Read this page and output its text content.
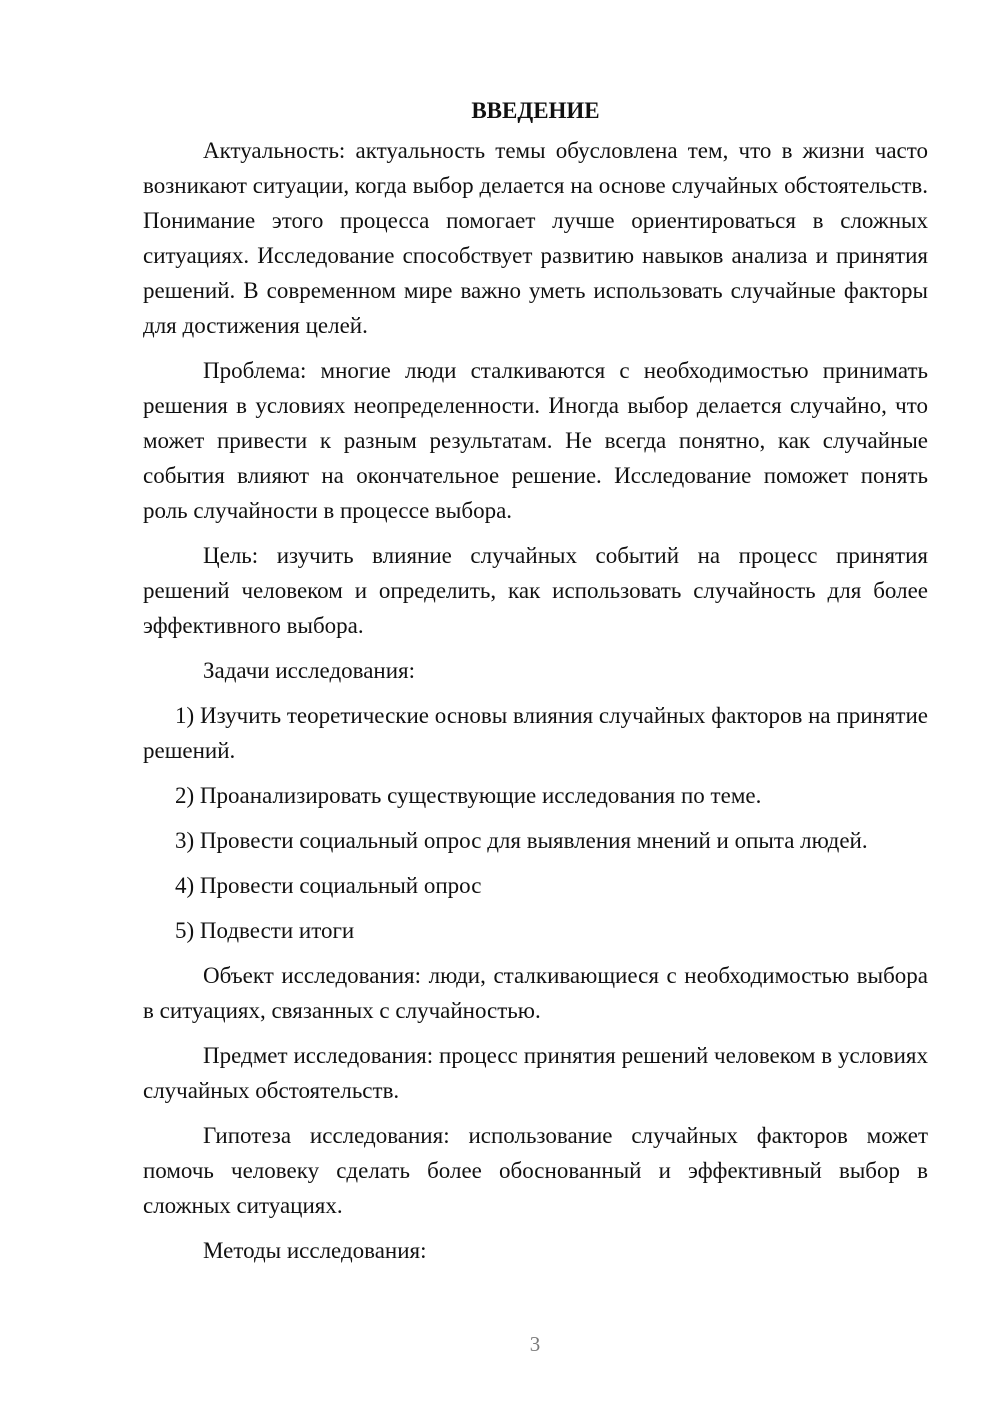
ВВЕДЕНИЕ

Актуальность: актуальность темы обусловлена тем, что в жизни часто возникают ситуации, когда выбор делается на основе случайных обстоятельств. Понимание этого процесса помогает лучше ориентироваться в сложных ситуациях. Исследование способствует развитию навыков анализа и принятия решений. В современном мире важно уметь использовать случайные факторы для достижения целей.

Проблема: многие люди сталкиваются с необходимостью принимать решения в условиях неопределенности. Иногда выбор делается случайно, что может привести к разным результатам. Не всегда понятно, как случайные события влияют на окончательное решение. Исследование поможет понять роль случайности в процессе выбора.

Цель: изучить влияние случайных событий на процесс принятия решений человеком и определить, как использовать случайность для более эффективного выбора.

Задачи исследования:

1) Изучить теоретические основы влияния случайных факторов на принятие решений.

2) Проанализировать существующие исследования по теме.

3) Провести социальный опрос для выявления мнений и опыта людей.

4) Провести социальный опрос

5) Подвести итоги

Объект исследования: люди, сталкивающиеся с необходимостью выбора в ситуациях, связанных с случайностью.

Предмет исследования: процесс принятия решений человеком в условиях случайных обстоятельств.

Гипотеза исследования: использование случайных факторов может помочь человеку сделать более обоснованный и эффективный выбор в сложных ситуациях.

Методы исследования:

3
